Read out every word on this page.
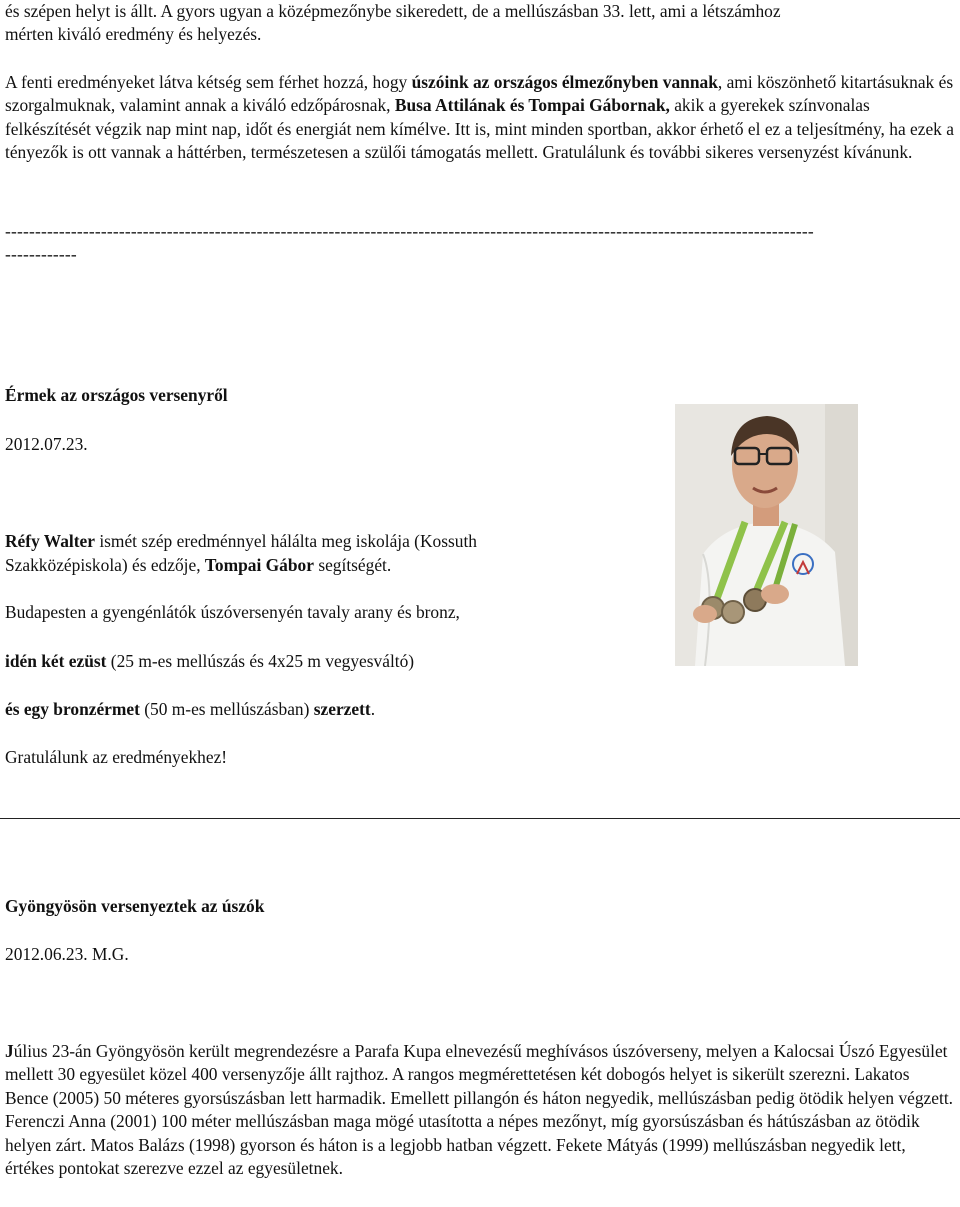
és szépen helyt is állt. A gyors ugyan a középmezőnybe sikeredett, de a mellúszásban 33. lett, ami a létszámhoz
mérten kiváló eredmény és helyezés.
A fenti eredményeket látva kétség sem férhet hozzá, hogy úszóink az országos élmezőnyben vannak, ami köszönhető kitartásuknak és szorgalmuknak, valamint annak a kiváló edzőpárosnak, Busa Attilának és Tompai Gábornak, akik a gyerekek színvonalas felkészítését végzik nap mint nap, időt és energiát nem kímélve. Itt is, mint minden sportban, akkor érhető el ez a teljesítmény, ha ezek a tényezők is ott vannak a háttérben, természetesen a szülői támogatás mellett. Gratulálunk és további sikeres versenyzést kívánunk.
---------------------------------------------------------------------------------------------------------------------------------------
------------
Érmek az országos versenyről
2012.07.23.
Réfy Walter ismét szép eredménnyel hálálta meg iskolája (Kossuth
Szakközépiskola) és edzője, Tompai Gábor segítségét.
Budapesten a gyengénlátók úszóversenyén tavaly arany és bronz,
idén két ezüst (25 m-es mellúszás és 4x25 m vegyesváltó)
és egy bronzérmet (50 m-es mellúszásban) szerzett.
Gratulálunk az eredményekhez!
Gyöngyösön versenyeztek az úszók
2012.06.23. M.G.
Július 23-án Gyöngyösön került megrendezésre a Parafa Kupa elnevezésű meghívásos úszóverseny, melyen a Kalocsai Úszó Egyesület mellett 30 egyesület közel 400 versenyzője állt rajthoz. A rangos megmérettetésen két dobogós helyet is sikerült szerezni. Lakatos Bence (2005) 50 méteres gyorsúszásban lett harmadik. Emellett pillangón és háton negyedik, mellúszásban pedig ötödik helyen végzett. Ferenczi Anna (2001) 100 méter mellúszásban maga mögé utasította a népes mezőnyt, míg gyorsúszásban és hátúszásban az ötödik helyen zárt. Matos Balázs (1998) gyorson és háton is a legjobb hatban végzett. Fekete Mátyás (1999) mellúszásban negyedik lett, értékes pontokat szerezve ezzel az egyesületnek.
